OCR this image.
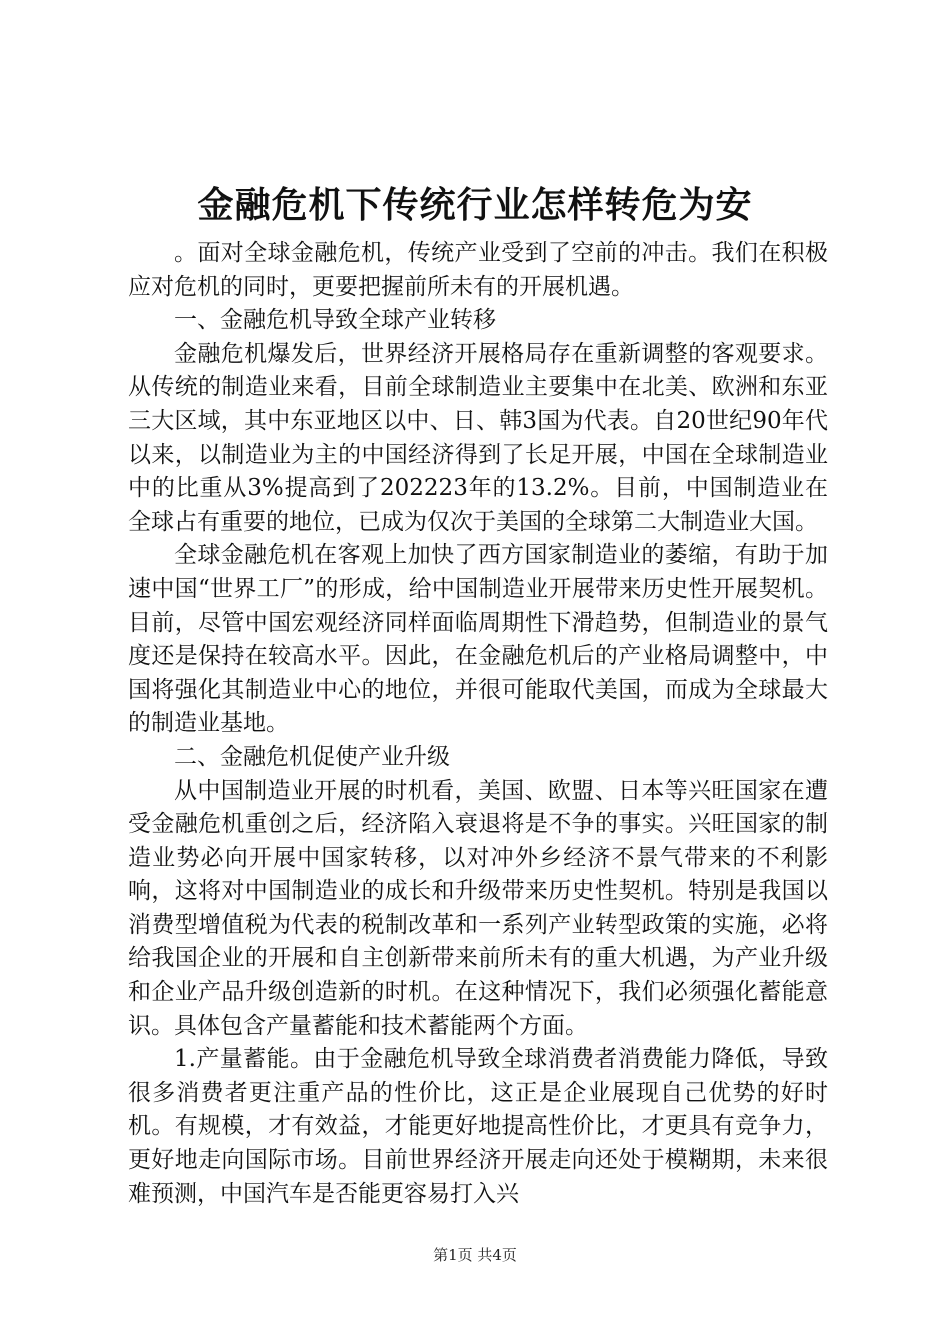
金融危机下传统行业怎样转危为安

。面对全球金融危机，传统产业受到了空前的冲击。我们在积极应对危机的同时，更要把握前所未有的开展机遇。

一、金融危机导致全球产业转移

金融危机爆发后，世界经济开展格局存在重新调整的客观要求。从传统的制造业来看，目前全球制造业主要集中在北美、欧洲和东亚三大区域，其中东亚地区以中、日、韩3国为代表。自20世纪90年代以来，以制造业为主的中国经济得到了长足开展，中国在全球制造业中的比重从3%提高到了202223年的13.2%。目前，中国制造业在全球占有重要的地位，已成为仅次于美国的全球第二大制造业大国。

全球金融危机在客观上加快了西方国家制造业的萎缩，有助于加速中国“世界工厂”的形成，给中国制造业开展带来历史性开展契机。目前，尽管中国宏观经济同样面临周期性下滑趋势，但制造业的景气度还是保持在较高水平。因此，在金融危机后的产业格局调整中，中国将强化其制造业中心的地位，并很可能取代美国，而成为全球最大的制造业基地。

二、金融危机促使产业升级

从中国制造业开展的时机看，美国、欧盟、日本等兴旺国家在遭受金融危机重创之后，经济陷入衰退将是不争的事实。兴旺国家的制造业势必向开展中国家转移，以对冲外乡经济不景气带来的不利影响，这将对中国制造业的成长和升级带来历史性契机。特别是我国以消费型增值税为代表的税制改革和一系列产业转型政策的实施，必将给我国企业的开展和自主创新带来前所未有的重大机遇，为产业升级和企业产品升级创造新的时机。在这种情况下，我们必须强化蓄能意识。具体包含产量蓄能和技术蓄能两个方面。

1.产量蓄能。由于金融危机导致全球消费者消费能力降低，导致很多消费者更注重产品的性价比，这正是企业展现自己优势的好时机。有规模，才有效益，才能更好地提高性价比，才更具有竞争力，更好地走向国际市场。目前世界经济开展走向还处于模糊期，未来很难预测，中国汽车是否能更容易打入兴

第1页 共4页
